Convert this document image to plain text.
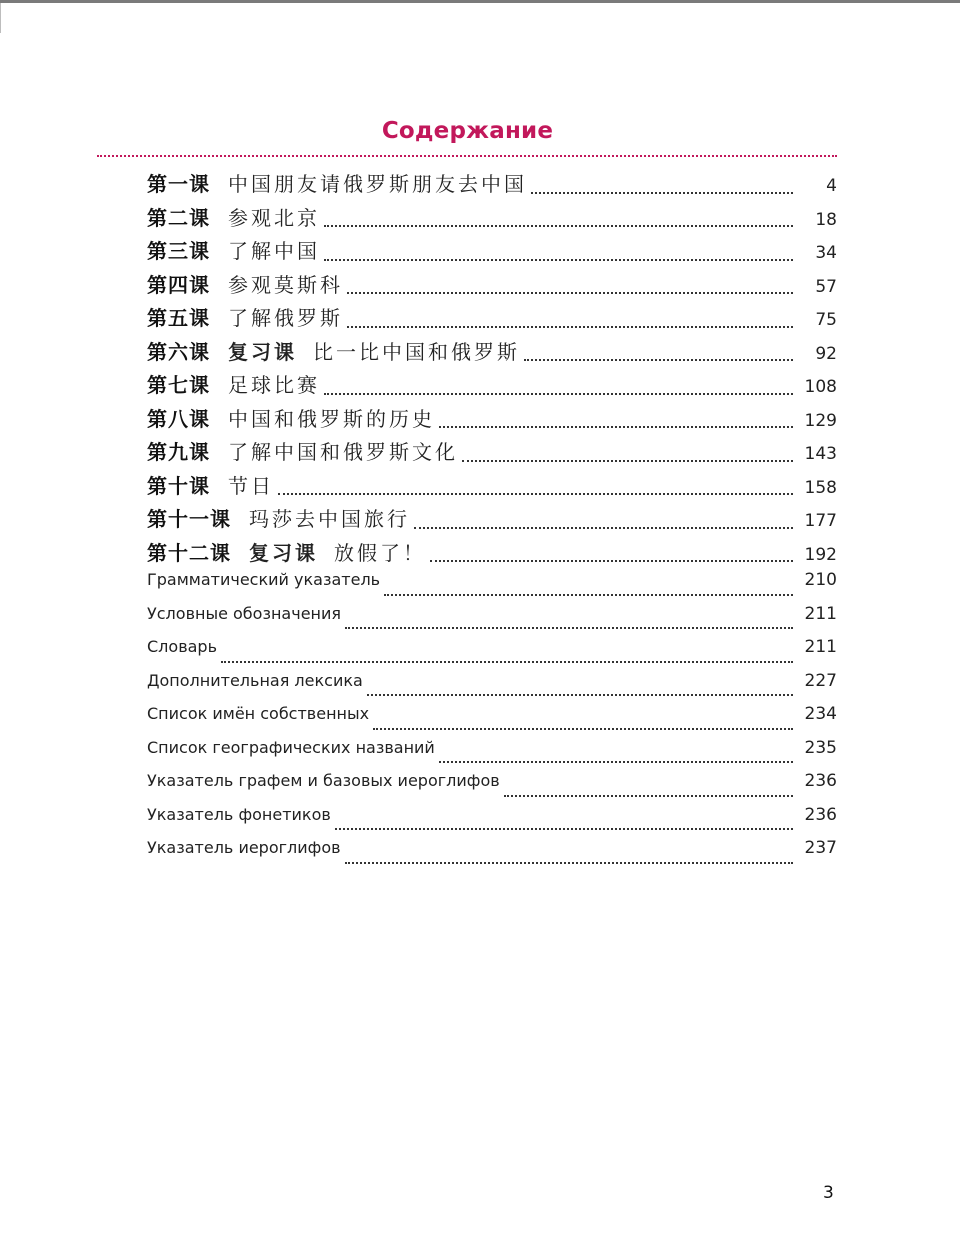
Содержание
第一课 中国朋友请俄罗斯朋友去中国	4
第二课 参观北京	18
第三课 了解中国	34
第四课 参观莫斯科	57
第五课 了解俄罗斯	75
第六课 复习课 比一比中国和俄罗斯	92
第七课 足球比赛	108
第八课 中国和俄罗斯的历史	129
第九课 了解中国和俄罗斯文化	143
第十课 节日	158
第十一课 玛莎去中国旅行	177
第十二课 复习课 放假了！	192
Грамматический указатель	210
Условные обозначения	211
Словарь	211
Дополнительная лексика	227
Список имён собственных	234
Список географических названий	235
Указатель графем и базовых иероглифов	236
Указатель фонетиков	236
Указатель иероглифов	237
3
